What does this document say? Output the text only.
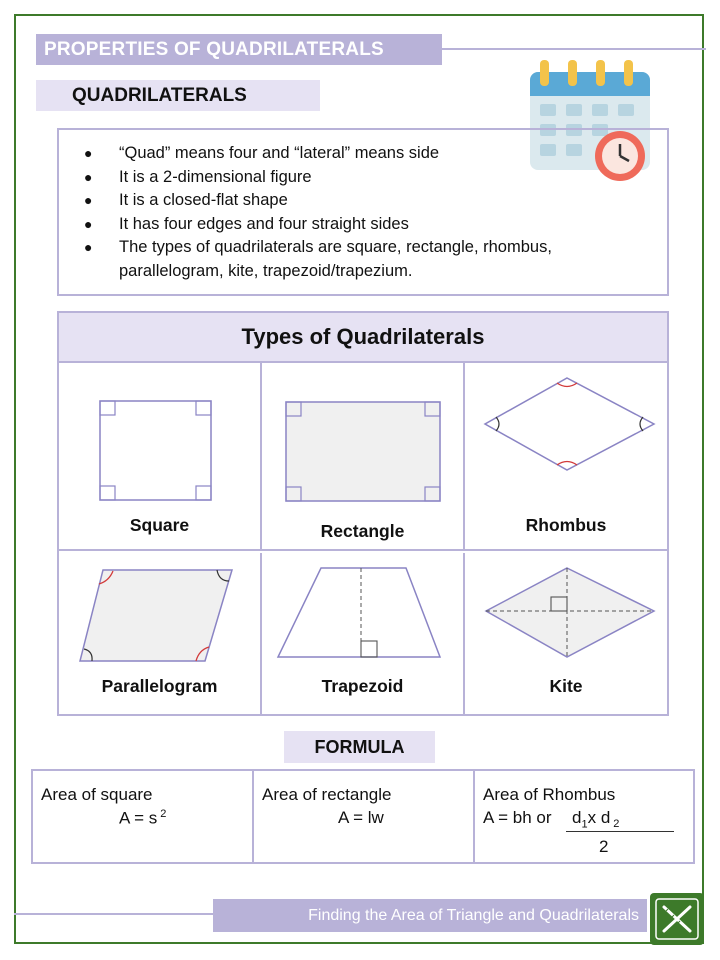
PROPERTIES OF QUADRILATERALS
QUADRILATERALS
● “Quad” means four and “lateral” means side
● It is a 2-dimensional figure
● It is a closed-flat shape
● It has four edges and four straight sides
● The types of quadrilaterals are square, rectangle, rhombus,
parallelogram, kite, trapezoid/trapezium.
Types of Quadrilaterals
Square	Rectangle	Rhombus
Parallelogram	Trapezoid	Kite
FORMULA
Area of square
A = s $^2$
Area of rectangle
A = lw
Area of Rhombus
A = bh or $d_1x$ d $_2$
2
Finding the Area of Triangle and Quadrilaterals
